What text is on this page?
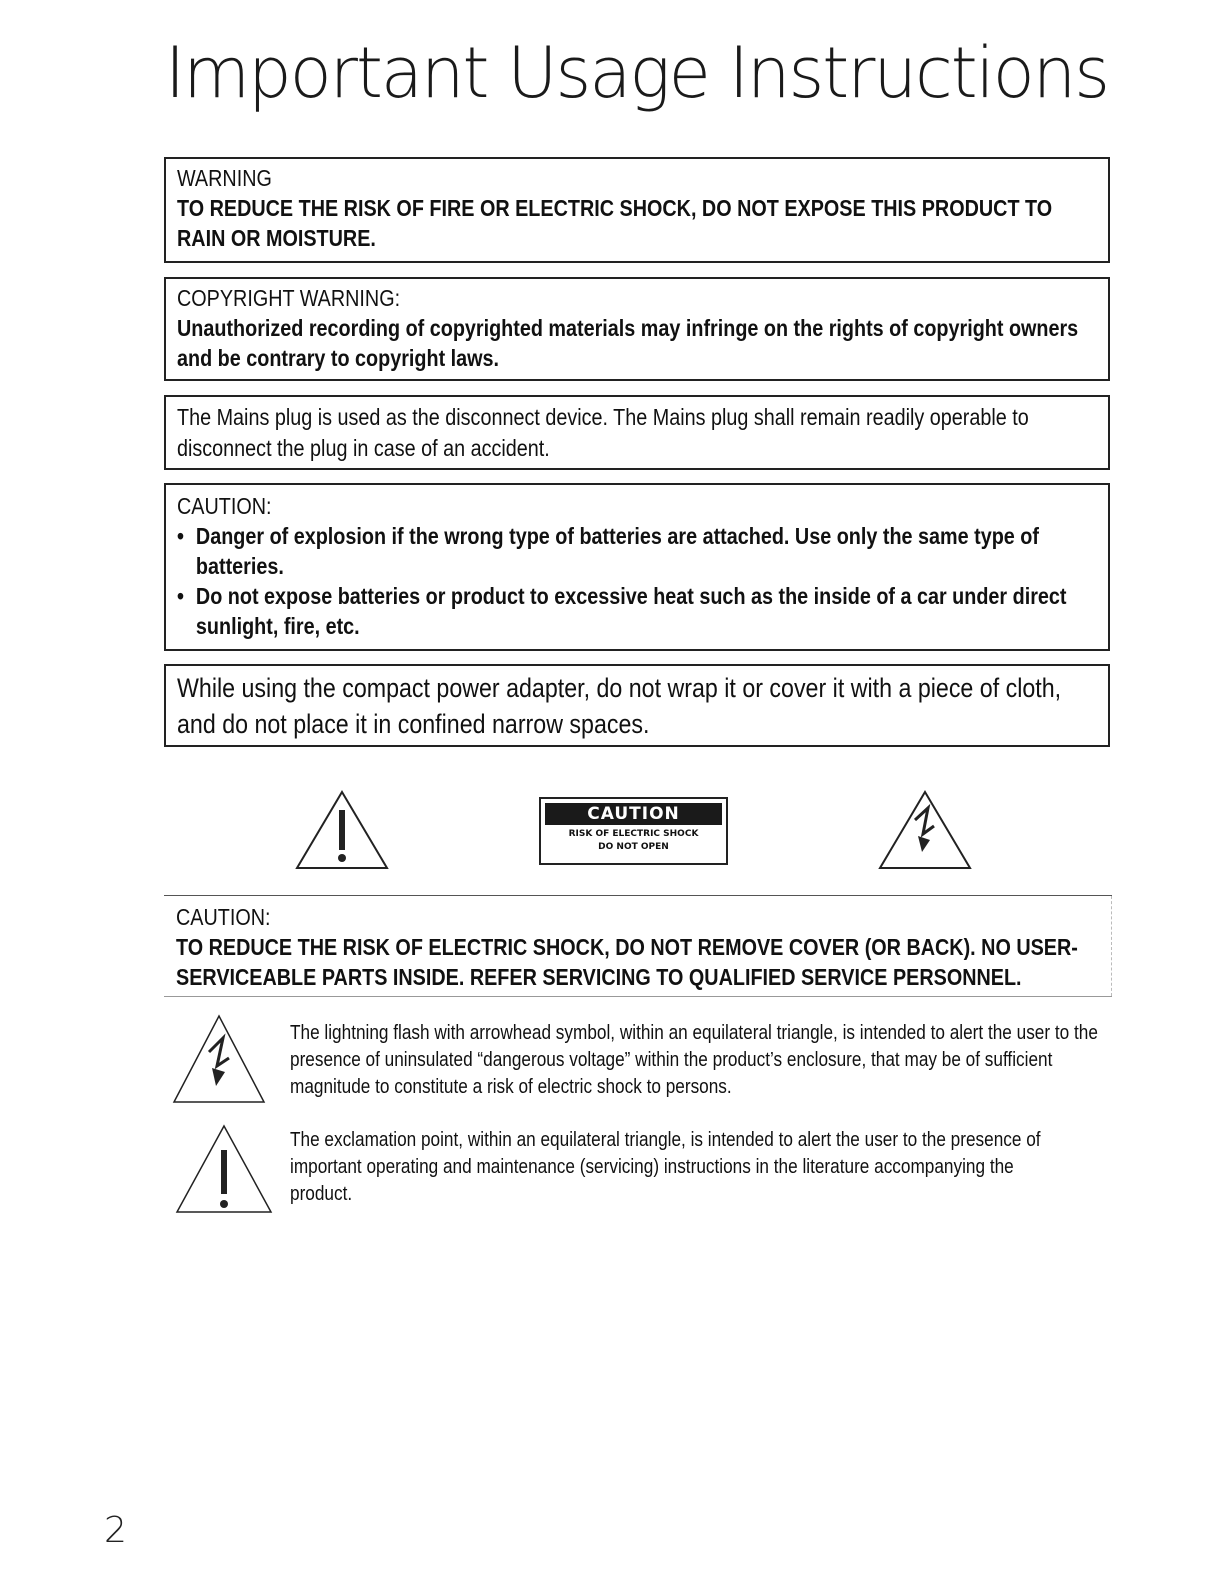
Important Usage Instructions
WARNING
TO REDUCE THE RISK OF FIRE OR ELECTRIC SHOCK, DO NOT EXPOSE THIS PRODUCT TO RAIN OR MOISTURE.
COPYRIGHT WARNING:
Unauthorized recording of copyrighted materials may infringe on the rights of copyright owners and be contrary to copyright laws.
The Mains plug is used as the disconnect device. The Mains plug shall remain readily operable to disconnect the plug in case of an accident.
CAUTION:
• Danger of explosion if the wrong type of batteries are attached. Use only the same type of batteries.
• Do not expose batteries or product to excessive heat such as the inside of a car under direct sunlight, fire, etc.
While using the compact power adapter, do not wrap it or cover it with a piece of cloth, and do not place it in confined narrow spaces.
CAUTION
RISK OF ELECTRIC SHOCK
DO NOT OPEN
CAUTION:
TO REDUCE THE RISK OF ELECTRIC SHOCK, DO NOT REMOVE COVER (OR BACK). NO USER-SERVICEABLE PARTS INSIDE. REFER SERVICING TO QUALIFIED SERVICE PERSONNEL.
The lightning flash with arrowhead symbol, within an equilateral triangle, is intended to alert the user to the presence of uninsulated “dangerous voltage” within the product’s enclosure, that may be of sufficient magnitude to constitute a risk of electric shock to persons.
The exclamation point, within an equilateral triangle, is intended to alert the user to the presence of important operating and maintenance (servicing) instructions in the literature accompanying the product.
2
